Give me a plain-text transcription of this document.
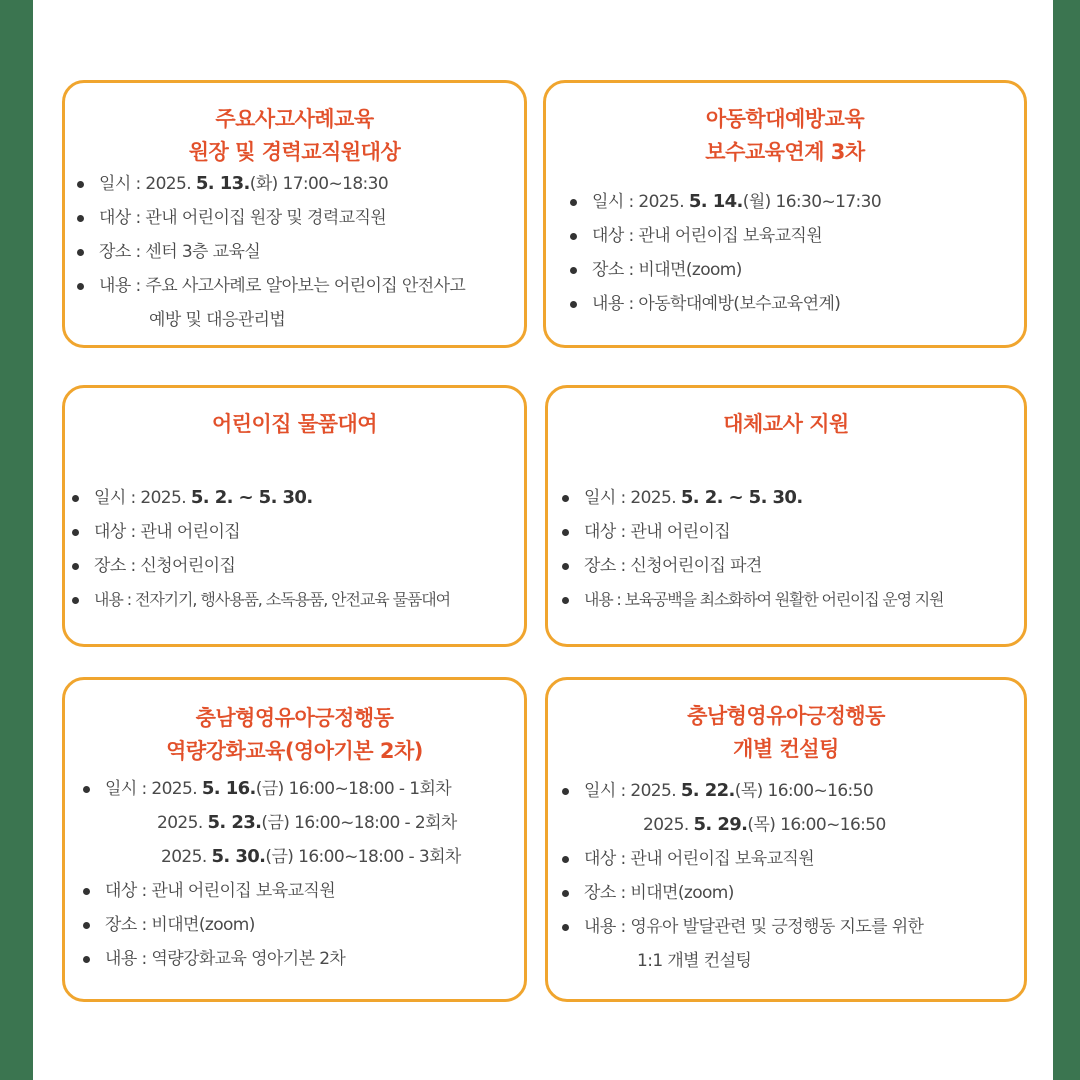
주요사고사례교육
원장 및 경력교직원대상
일시 : 2025. 5. 13.(화) 17:00~18:30
대상 : 관내 어린이집 원장 및 경력교직원
장소 : 센터 3층 교육실
내용 : 주요 사고사례로 알아보는 어린이집 안전사고
예방 및 대응관리법
아동학대예방교육
보수교육연계 3차
일시 : 2025. 5. 14.(월) 16:30~17:30
대상 : 관내 어린이집 보육교직원
장소 : 비대면(zoom)
내용 : 아동학대예방(보수교육연계)
어린이집 물품대여
일시 : 2025. 5. 2. ~ 5. 30.
대상 : 관내 어린이집
장소 : 신청어린이집
내용 : 전자기기, 행사용품, 소독용품, 안전교육 물품대여
대체교사 지원
일시 : 2025. 5. 2. ~ 5. 30.
대상 : 관내 어린이집
장소 : 신청어린이집 파견
내용 : 보육공백을 최소화하여 원활한 어린이집 운영 지원
충남형영유아긍정행동
역량강화교육(영아기본 2차)
일시 : 2025. 5. 16.(금) 16:00~18:00 - 1회차
2025. 5. 23.(금) 16:00~18:00 - 2회차
2025. 5. 30.(금) 16:00~18:00 - 3회차
대상 : 관내 어린이집 보육교직원
장소 : 비대면(zoom)
내용 : 역량강화교육 영아기본 2차
충남형영유아긍정행동
개별 컨설팅
일시 : 2025. 5. 22.(목) 16:00~16:50
2025. 5. 29.(목) 16:00~16:50
대상 : 관내 어린이집 보육교직원
장소 : 비대면(zoom)
내용 : 영유아 발달관련 및 긍정행동 지도를 위한
1:1 개별 컨설팅
